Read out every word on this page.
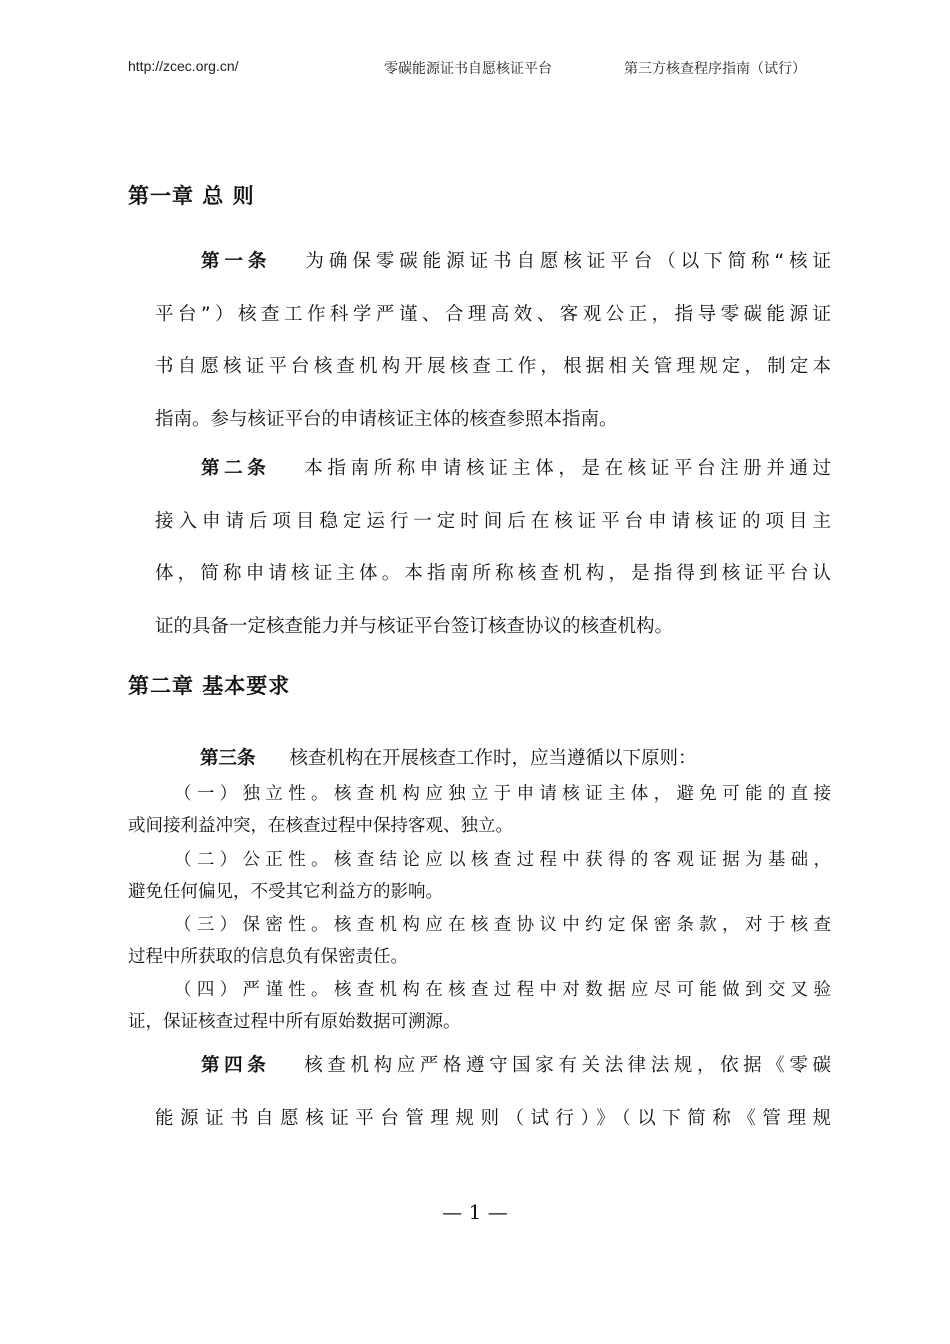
http://zcec.org.cn/	零碳能源证书自愿核证平台	第三方核查程序指南（试行）
第一章 总 则
第一条 为确保零碳能源证书自愿核证平台（以下简称“核证
平台”）核查工作科学严谨、合理高效、客观公正，指导零碳能源证
书自愿核证平台核查机构开展核查工作，根据相关管理规定，制定本
指南。参与核证平台的申请核证主体的核查参照本指南。
第二条 本指南所称申请核证主体，是在核证平台注册并通过
接入申请后项目稳定运行一定时间后在核证平台申请核证的项目主
体，简称申请核证主体。本指南所称核查机构，是指得到核证平台认
证的具备一定核查能力并与核证平台签订核查协议的核查机构。
第二章 基本要求
第三条 核查机构在开展核查工作时，应当遵循以下原则：
（一）独立性。核查机构应独立于申请核证主体，避免可能的直接
或间接利益冲突，在核查过程中保持客观、独立。
（二）公正性。核查结论应以核查过程中获得的客观证据为基础，
避免任何偏见，不受其它利益方的影响。
（三）保密性。核查机构应在核查协议中约定保密条款，对于核查
过程中所获取的信息负有保密责任。
（四）严谨性。核查机构在核查过程中对数据应尽可能做到交叉验
证，保证核查过程中所有原始数据可溯源。
第四条 核查机构应严格遵守国家有关法律法规，依据《零碳
能源证书自愿核证平台管理规则（试行）》（以下简称《管理规
— 1 —
